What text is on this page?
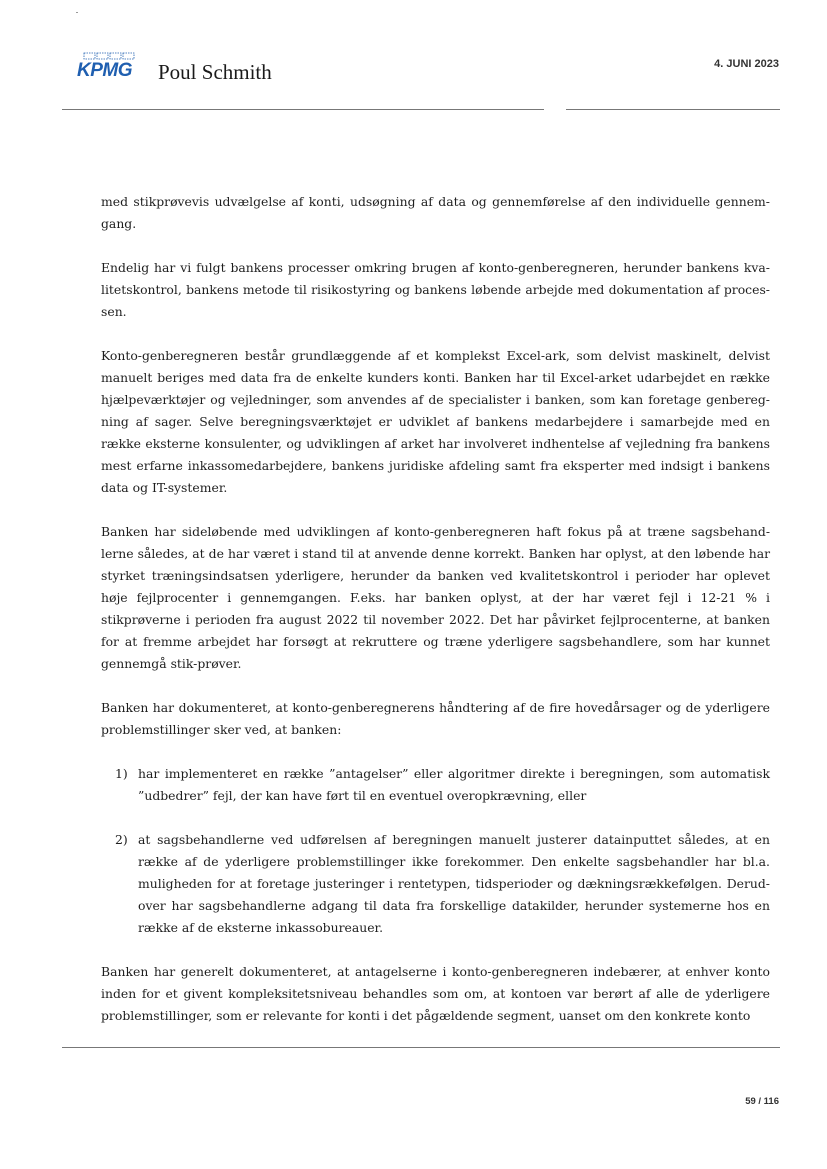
KPMG Poul Schmith	4. JUNI 2023

med stikprøvevis udvælgelse af konti, udsøgning af data og gennemførelse af den individuelle gennem-gang.

Endelig har vi fulgt bankens processer omkring brugen af konto-genberegneren, herunder bankens kva-litetskontrol, bankens metode til risikostyring og bankens løbende arbejde med dokumentation af proces-sen.

Konto-genberegneren består grundlæggende af et komplekst Excel-ark, som delvist maskinelt, delvist manuelt beriges med data fra de enkelte kunders konti. Banken har til Excel-arket udarbejdet en række hjælpeværktøjer og vejledninger, som anvendes af de specialister i banken, som kan foretage genbereg-ning af sager. Selve beregningsværktøjet er udviklet af bankens medarbejdere i samarbejde med en række eksterne konsulenter, og udviklingen af arket har involveret indhentelse af vejledning fra bankens mest erfarne inkassomedarbejdere, bankens juridiske afdeling samt fra eksperter med indsigt i bankens data og IT-systemer.

Banken har sideløbende med udviklingen af konto-genberegneren haft fokus på at træne sagsbehand-lerne således, at de har været i stand til at anvende denne korrekt. Banken har oplyst, at den løbende har styrket træningsindsatsen yderligere, herunder da banken ved kvalitetskontrol i perioder har oplevet høje fejlprocenter i gennemgangen. F.eks. har banken oplyst, at der har været fejl i 12-21 % i stikprøverne i perioden fra august 2022 til november 2022. Det har påvirket fejlprocenterne, at banken for at fremme arbejdet har forsøgt at rekruttere og træne yderligere sagsbehandlere, som har kunnet gennemgå stik-prøver.

Banken har dokumenteret, at konto-genberegnerens håndtering af de fire hovedårsager og de yderligere problemstillinger sker ved, at banken:

1) har implementeret en række ”antagelser” eller algoritmer direkte i beregningen, som automatisk ”udbedrer” fejl, der kan have ført til en eventuel overopkrævning, eller
2) at sagsbehandlerne ved udførelsen af beregningen manuelt justerer datainputtet således, at en række af de yderligere problemstillinger ikke forekommer. Den enkelte sagsbehandler har bl.a. muligheden for at foretage justeringer i rentetypen, tidsperioder og dækningsrækkefølgen. Derud-over har sagsbehandlerne adgang til data fra forskellige datakilder, herunder systemerne hos en række af de eksterne inkassobureauer.

Banken har generelt dokumenteret, at antagelserne i konto-genberegneren indebærer, at enhver konto inden for et givent kompleksitetsniveau behandles som om, at kontoen var berørt af alle de yderligere problemstillinger, som er relevante for konti i det pågældende segment, uanset om den konkrete konto

59 / 116
